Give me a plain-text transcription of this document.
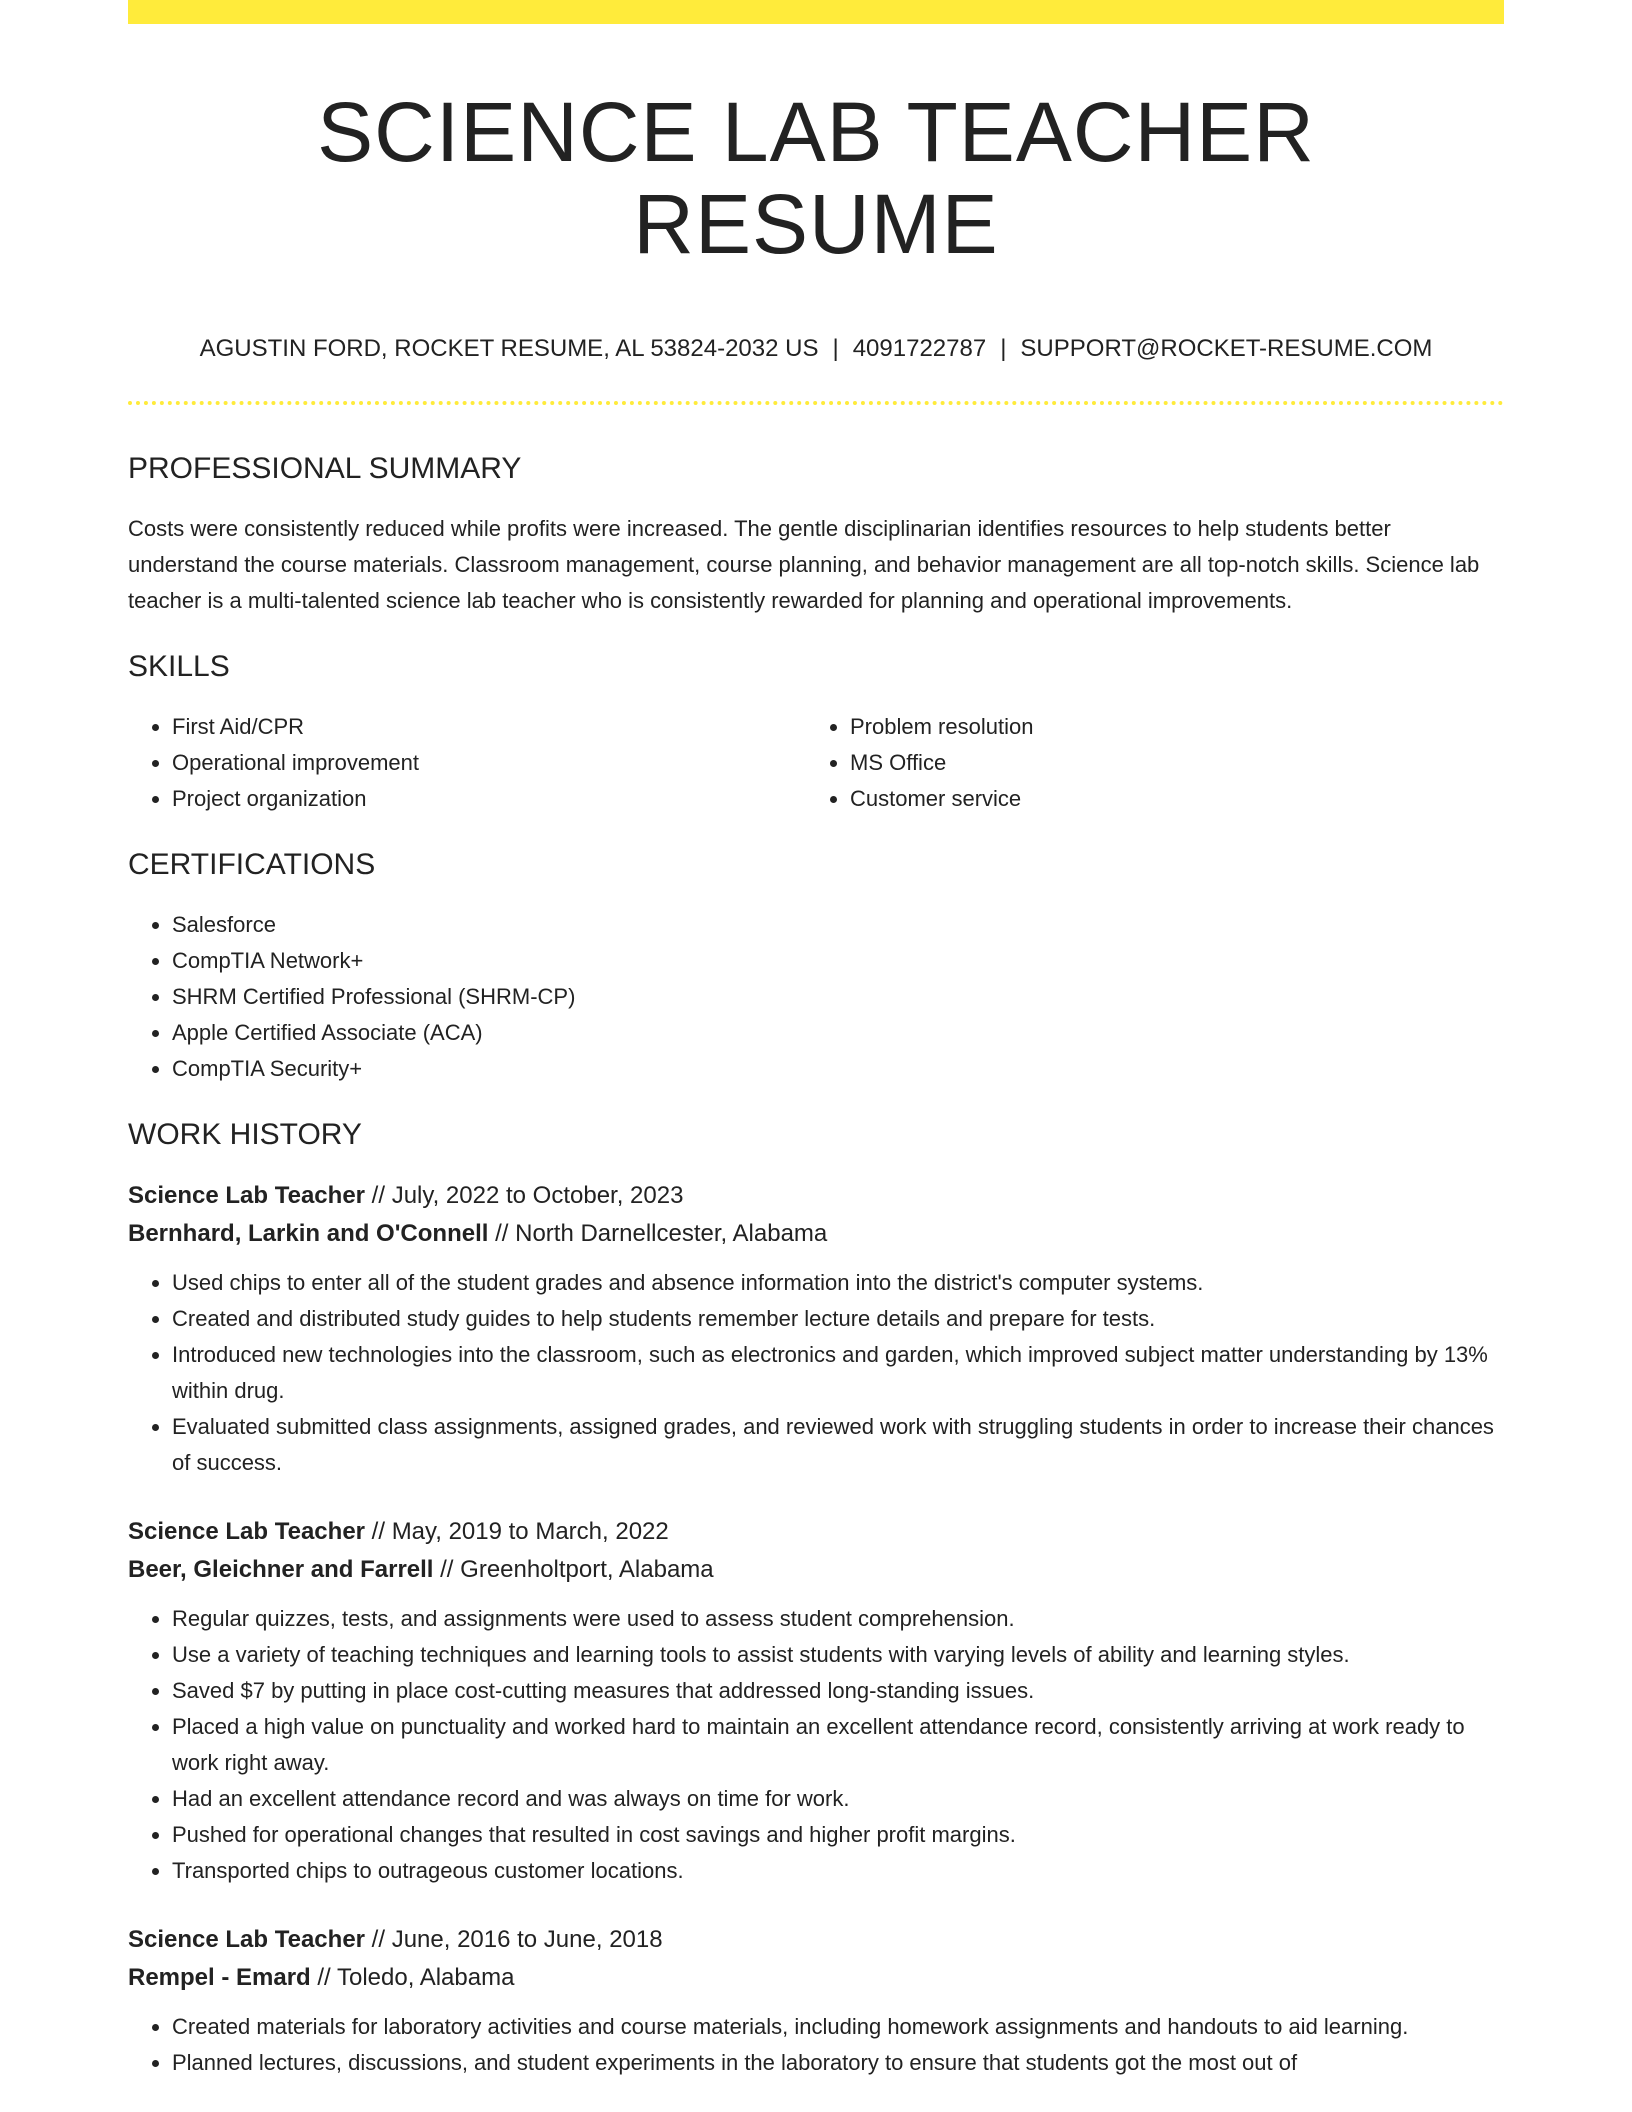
SCIENCE LAB TEACHER RESUME
AGUSTIN FORD, ROCKET RESUME, AL 53824-2032 US | 4091722787 | SUPPORT@ROCKET-RESUME.COM
PROFESSIONAL SUMMARY
Costs were consistently reduced while profits were increased. The gentle disciplinarian identifies resources to help students better understand the course materials. Classroom management, course planning, and behavior management are all top-notch skills. Science lab teacher is a multi-talented science lab teacher who is consistently rewarded for planning and operational improvements.
SKILLS
• First Aid/CPR
• Operational improvement
• Project organization
• Problem resolution
• MS Office
• Customer service
CERTIFICATIONS
• Salesforce
• CompTIA Network+
• SHRM Certified Professional (SHRM-CP)
• Apple Certified Associate (ACA)
• CompTIA Security+
WORK HISTORY
Science Lab Teacher // July, 2022 to October, 2023
Bernhard, Larkin and O'Connell // North Darnellcester, Alabama
• Used chips to enter all of the student grades and absence information into the district's computer systems.
• Created and distributed study guides to help students remember lecture details and prepare for tests.
• Introduced new technologies into the classroom, such as electronics and garden, which improved subject matter understanding by 13% within drug.
• Evaluated submitted class assignments, assigned grades, and reviewed work with struggling students in order to increase their chances of success.
Science Lab Teacher // May, 2019 to March, 2022
Beer, Gleichner and Farrell // Greenholtport, Alabama
• Regular quizzes, tests, and assignments were used to assess student comprehension.
• Use a variety of teaching techniques and learning tools to assist students with varying levels of ability and learning styles.
• Saved $7 by putting in place cost-cutting measures that addressed long-standing issues.
• Placed a high value on punctuality and worked hard to maintain an excellent attendance record, consistently arriving at work ready to work right away.
• Had an excellent attendance record and was always on time for work.
• Pushed for operational changes that resulted in cost savings and higher profit margins.
• Transported chips to outrageous customer locations.
Science Lab Teacher // June, 2016 to June, 2018
Rempel - Emard // Toledo, Alabama
• Created materials for laboratory activities and course materials, including homework assignments and handouts to aid learning.
• Planned lectures, discussions, and student experiments in the laboratory to ensure that students got the most out of
